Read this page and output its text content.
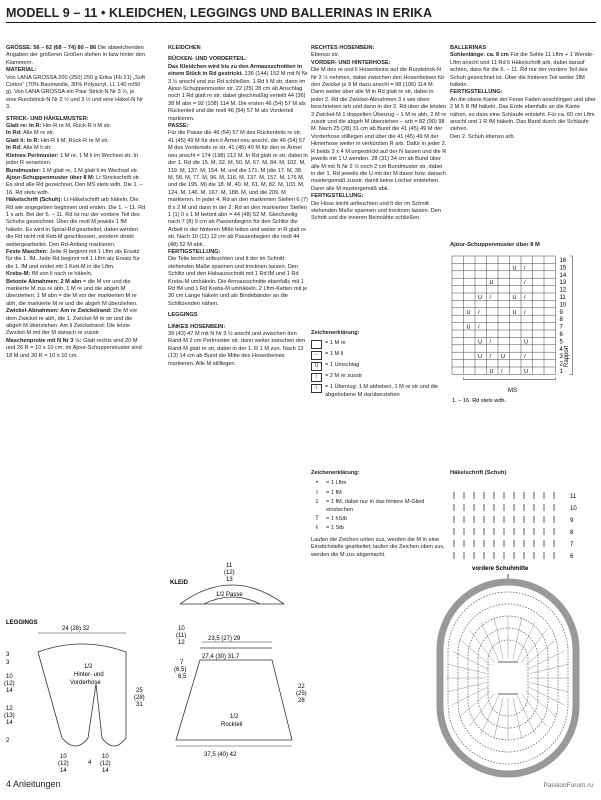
MODELL 9 – 11 • KLEIDCHEN, LEGGINGS UND BALLERINAS IN ERIKA

GRÖSSE: 56 – 62 (68 – 74) 80 – 86 Die abweichenden Angaben der größeren Größen stehen in bzw hinter den Klammern.

MATERIAL:
Von LANA GROSSA 200 (250) 250 g Erika (Fb 21) „Soft Cotton“ (70% Baumwolle, 30% Polyacryl, LL 140 m/50 g). Von LANA GROSSA ein Paar Strick-N Nr 3 ½, je eine Rundstrick-N Nr 2 ½ und 3 ½ und eine Häkel-N Nr 3.

STRICK- UND HÄKELMUSTER:

Glatt re: In R: Hin-R re M, Rück-R li M str.

In Rd: Alle M re str.

Glatt li: In R: Hin-R li M, Rück-R re M str.

In Rd: Alle M li str.

Kleines Perlmuster: 1 M re, 1 M li im Wechsel str. In jeder R versetzen.

Bundmuster: 1 M glatt re, 1 M glatt li im Wechsel str.

Ajour-Schuppenmuster über 8 M: Lt Strickschrift str. Es sind alle Rd gezeichnet. Den MS stets wdh. Die 1. – 16. Rd stets wdh.

Häkelschrift (Schuh): Lt Häkelschrift arb häkeln. Die Rd wie angegeben beginnen und enden. Die 1. – 11. Rd 1 x arb. Bei der 6. – 11. Rd ist nur der vordere Teil des Schuhs gezeichnet. Über die restl M jeweils 1 fM häkeln. Es wird in Spiral-Rd gearbeitet, dabei werden die Rd nicht mit Kett-M geschlossen, sondern direkt weitergearbeitet. Den Rd-Anfang markieren.

Feste Maschen: Jede R beginnt mit 1 Lftm als Ersatz für die 1. fM. Jede Rd beginnt mit 1 Lftm als Ersatz für die 1. fM und endet mit 1 Kett-M in die Lftm.

Krebs-M: fM von li nach re häkeln.

Betonte Abnahmen: 2 M abn = die M vor und die markierte M zus re abh, 1 M re und die abgeh M überziehen; 1 M abn = die M vor der markierten M re abh, die markierte M re und die abgeh M überziehen.

Zwickel-Abnahmen: Am re Zwickelrand: Die M vor dem Zwickel re abh, die 1. Zwickel-M re str und die abgeh M überziehen. Am li Zwickelrand: Die letzte Zwickel-M mit der M danach re zusstr.

Maschenprobe mit N Nr 3 ½: Glatt rechts sind 20 M und 26 R = 10 x 10 cm; im Ajour-Schuppenmuster sind 18 M und 30 R = 10 x 10 cm.

KLEIDCHEN

RÜCKEN- UND VORDERTEIL:

Das Kleidchen wird bis zu den Armausschnitten in einem Stück in Rd gestrickt. 136 (144) 152 M mit N Nr 3 ½ anschl und zur Rd schließen. 1 Rd li M str, dann im Ajour-Schuppenmuster str. 22 (25) 28 cm ab Anschlag noch 1 Rd glatt re str, dabei gleichmäßig verteilt 44 (36) 38 M abn = 92 (108) 114 M. Die ersten 46 (54) 57 M als Rückenteil und die restl 46 (54) 57 M als Vorderteil markieren.

PASSE:
Für die Passe die 46 (54) 57 M des Rückenteils re str, 41 (45) 49 M für den li Ärmel neu anschl, die 46 (54) 57 M des Vorderteils re str, 41 (45) 49 M für den re Ärmel neu anschl = 174 (198) 212 M. In Rd glatt re str, dabei in der 1. Rd die 15. M, 32. M, 50. M, 67. M, 84. M, 102. M, 119. M, 137. M, 154. M, und die 171. M (die 17. M, 38. M, 58. M, 77. M, 96. M, 116. M, 137. M, 157. M, 176 M, und die 195. M) die 18. M, 40. M, 61. M, 82. M, 103. M, 124. M, 146. M, 167. M, 188. M, und die 209. M markieren. In jeder 4. Rd an den markierten Stellen 6 (7) 8 x 2 M und dann in der 2. Rd an den markierten Stellen 1 (1) 0 x 1 M betont abn = 44 (48) 52 M. Gleichzeitig nach 7 (8) 9 cm ab Passenbeginn für den Schlitz die Arbeit in der hinteren Mitte teilen und weiter in R glatt re str. Nach 10 (11) 12 cm ab Passenbeginn die restl 44 (48) 52 M abk.

FERTIGSTELLUNG:
Die Teile leicht anfeuchten und lt der im Schnitt stehenden Maße spannen und trocknen lassen. Den Schlitz und den Halsausschnitt mit 1 Rd fM und 1 Rd Krebs-M umhäkeln. Die Armausschnitte ebenfalls mit 1 Rd fM und 1 Rd Krebs-M umhäkeln. 2 Lftm-Ketten mit je 30 cm Länge häkeln und als Bindebänder an die Schlitzenden nähen.

LEGGINGS

LINKES HOSENBEIN:
39 (43) 47 M mit N Nr 3 ½ anschl und zwischen den Rand-M 2 cm Perlmuster str, dann weiter zwischen den Rand-M glatt re str, dabei in der 1. R 1 M zun. Nach 12 (13) 14 cm ab Bund die Mitte des Hosenbeines markieren. Alle M stilllegen.

RECHTES HOSENBEIN:
Ebenso str.

VORDER- UND HINTERHOSE:
Die M des re und li Hosenbeins auf die Rundstrick-N Nr 3 ½ nehmen, dabei zwischen den Hosenbeinen für den Zwickel je 9 M dazu anschl = 98 (106) 114 M. Dann weiter über alle M in Rd glatt re str, dabei in jeder 2. Rd die Zwickel-Abnahmen 3 x wie oben beschrieben arb und dann in der 2. Rd über die letzten 3 Zwickel-M 1 doppelten Überzug – 1 M re abh, 2 M re zusstr und die abgeh M überziehen – arb = 82 (90) 98 M. Nach 25 (28) 31 cm ab Bund die 41 (45) 49 M der Vorderhose stilllegen und über die 41 (45) 49 M der Hinterhose weiter in verkürzten R arb. Dafür in jeder 2. R beids 3 x 4 M ungestrickt auf der N lassen und die R jeweils mit 1 U wenden. 28 (31) 34 cm ab Bund über alle M mit N Nr 2 ½ noch 2 cm Bundmuster str, dabei in der 1. Rd jeweils die U mit der M davor bzw. danach mustergemäß zusstr, damit keine Löcher entstehen. Dann alle M mustergemäß abk.

FERTIGSTELLUNG:
Die Hose leicht anfeuchten und lt der im Schnitt stehenden Maße spannen und trocknen lassen. Den Schritt und die inneren Beinnähte schließen.

BALLERINAS

Sohlenlänge: ca. 8 cm Für die Sohle 11 Lftm + 1 Wende-Lftm anschl und 11 Rd lt Häkelschrift arb, dabei darauf achten, dass für die 6. – 11. Rd nur der vordere Teil des Schuh gezeichnet ist. Über die hinteren Teil weiter 1fM häkeln.

FERTIGSTELLUNG:
An die obere Kante der Ferse Faden anschlingen und über 2 M 5 R fM häkeln. Das Ende ebenfalls an die Kante nähen, so dass eine Schlaufe entsteht. Für ca. 60 cm Lftm anschl und 1 R fM häkeln. Das Band durch die Schlaufe ziehen.

Den 2. Schuh ebenso arb.

Ajour-Schuppenmuster über 8 M
U /
U	/
U /	U /
U /	U /
U /
U /	U
U / U	/
U /	U
16
15
14
13
12
11
10
9
8
7
6
5
4
3
2
1
Rapport
MS
1. – 16. Rd stets wdh.

Zeichenerklärung:

= 1 M re
–	= 1 M li
U	= 1 Umschlag
/	= 2 M re zusstr
\	= 1 Überzug: 1 M abheben, 1 M re str und die abgehobene M darüberziehen

Zeichenerklärung:

•	= 1 Lftm
ǀ	= 1 fM
ɪ	= 1 fM, dabei nur in das hintere M-Glied einstechen
T	= 1 hStb
ŧ	= 1 Stb

Laufen die Zeichen unten zus, werden die M in eine Einstichstelle gearbeitet; laufen die Zeichen oben zus, werden die M zus abgemacht.

Häkelschrift (Schuh)
11
10
9
8
7
6
vordere Schuhmitte
KLEID
11
(12)
13
1/2 Passe
10
(11)
12
23,5 (27) 29
27,4 (30) 31,7
7
(6,5)
6,5
1/2
Rockteil
22
(25)
28
37,5 (40) 42
LEGGINGS
24 (28) 32
3
3
10
(12)
14
12
(13)
14
2
1/2
Hinter- und
Vorderhose
25
(28)
31
10
(12)
14
4
10
(12)
14
4 Anleitungen	PassionForum.ru
